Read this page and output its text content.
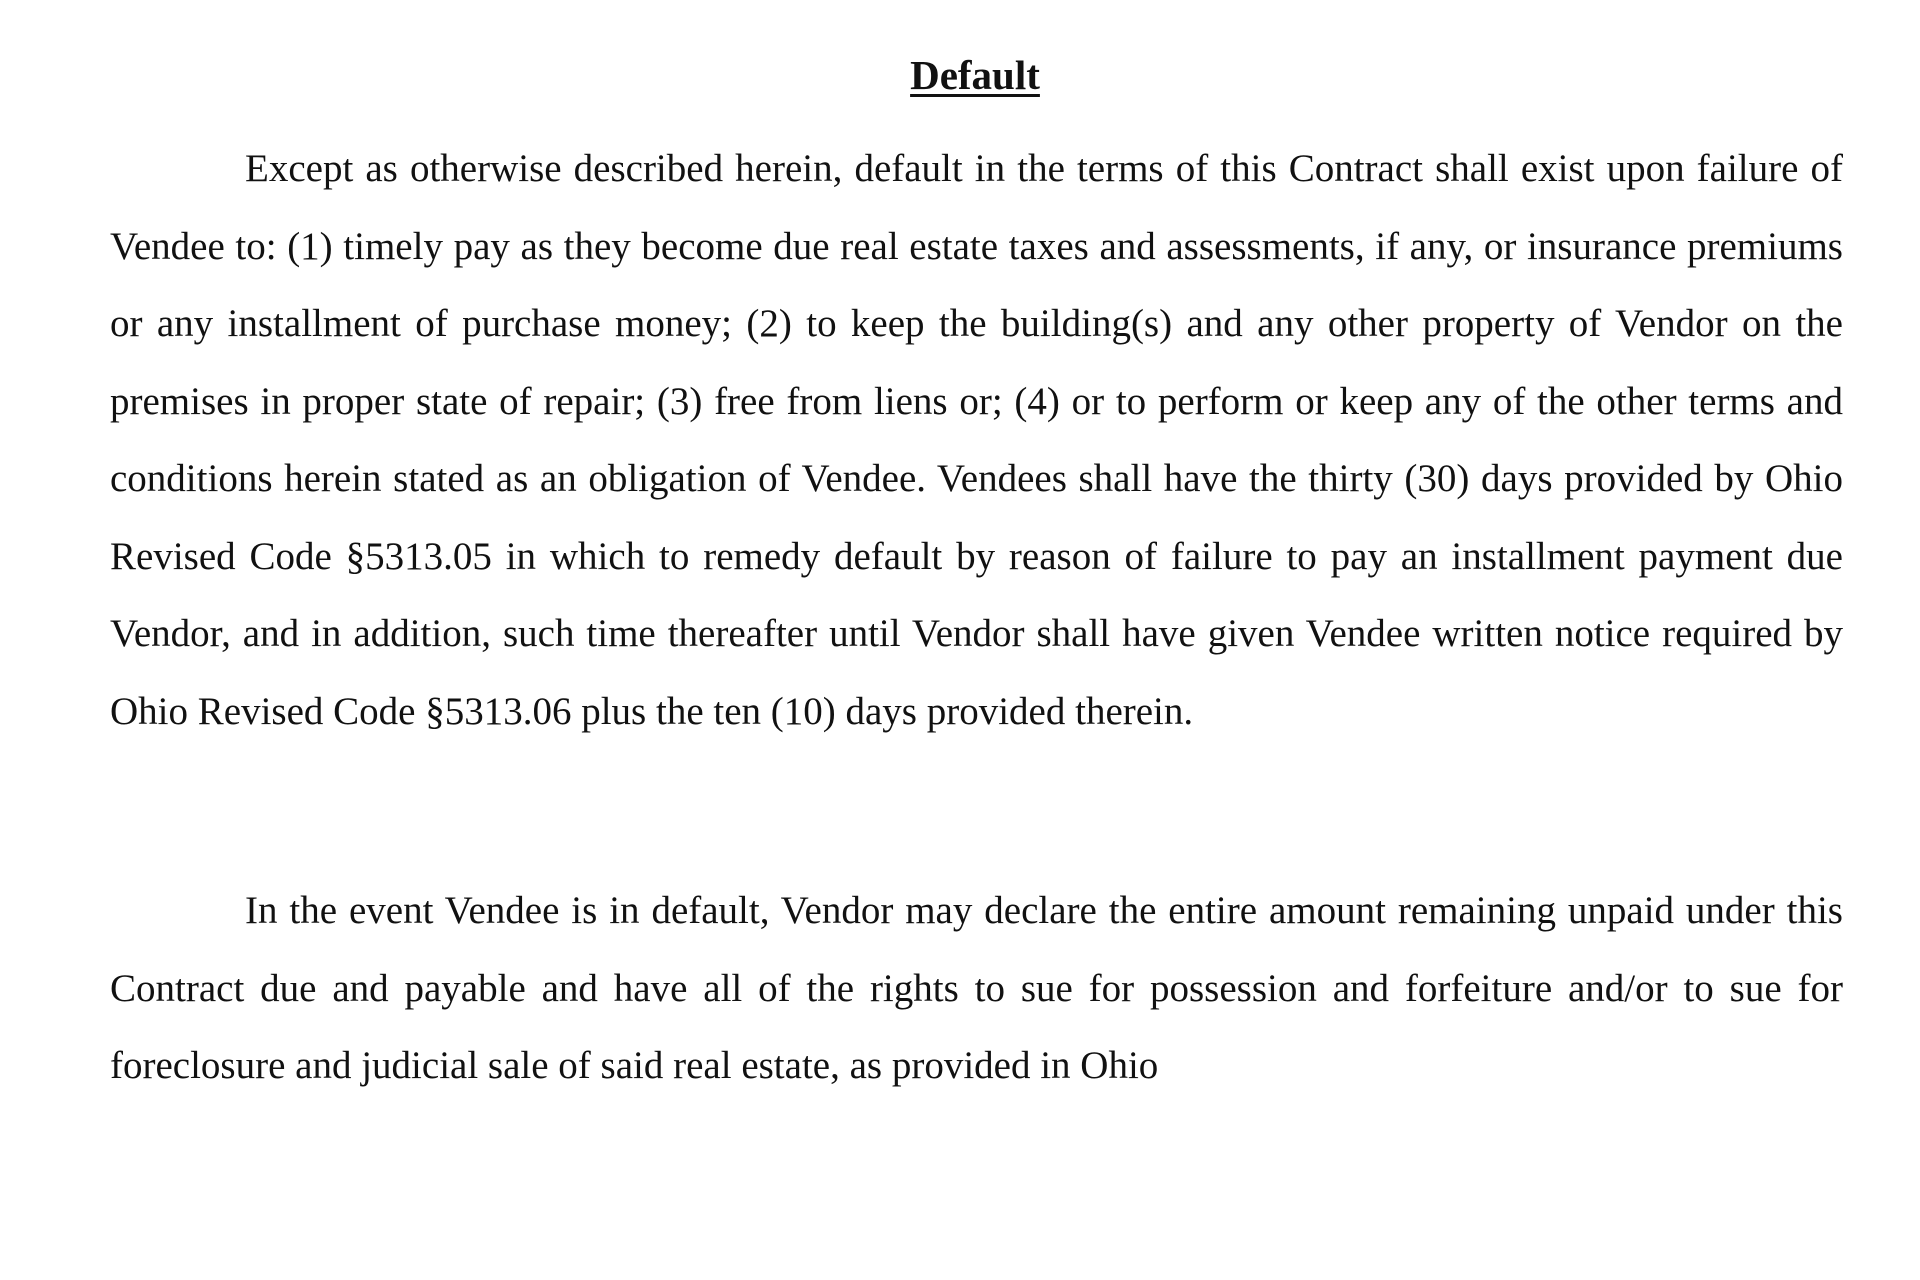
Default

Except as otherwise described herein, default in the terms of this Contract shall exist upon failure of Vendee to: (1) timely pay as they become due real estate taxes and assessments, if any, or insurance premiums or any installment of purchase money; (2) to keep the building(s) and any other property of Vendor on the premises in proper state of repair; (3) free from liens or; (4) or to perform or keep any of the other terms and conditions herein stated as an obligation of Vendee. Vendees shall have the thirty (30) days provided by Ohio Revised Code §5313.05 in which to remedy default by reason of failure to pay an installment payment due Vendor, and in addition, such time thereafter until Vendor shall have given Vendee written notice required by Ohio Revised Code §5313.06 plus the ten (10) days provided therein.

In the event Vendee is in default, Vendor may declare the entire amount remaining unpaid under this Contract due and payable and have all of the rights to sue for possession and forfeiture and/or to sue for foreclosure and judicial sale of said real estate, as provided in Ohio
